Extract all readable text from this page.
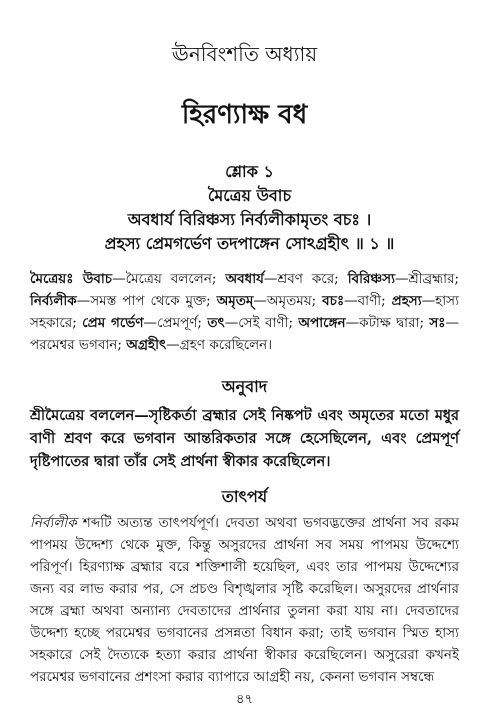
ঊনবিংশতি অধ্যায়
হিরণ্যাক্ষ বধ
শ্লোক ১
মৈত্রেয় উবাচ
অবধার্য বিরিঞ্চস্য নির্ব্যলীকামৃতং বচঃ ।
প্রহস্য প্রেমগর্ভেণ তদপাঙ্গেন সোঽগ্রহীৎ ॥ ১ ॥
মৈত্রেয়ঃ উবাচ—মৈত্রেয় বললেন; অবধার্য—শ্রবণ করে; বিরিঞ্চস্য—শ্রীব্রহ্মার; নির্ব্যলীক—সমস্ত পাপ থেকে মুক্ত; অমৃতম্—অমৃতময়; বচঃ—বাণী; প্রহস্য—হাস্য সহকারে; প্রেম গর্ভেণ—প্রেমপূর্ণ; তৎ—সেই বাণী; অপাঙ্গেন—কটাক্ষ দ্বারা; সঃ—পরমেশ্বর ভগবান; অগ্রহীৎ—গ্রহণ করেছিলেন।
অনুবাদ
শ্রীমৈত্রেয় বললেন—সৃষ্টিকর্তা ব্রহ্মার সেই নিষ্কপট এবং অমৃতের মতো মধুর বাণী শ্রবণ করে ভগবান আন্তরিকতার সঙ্গে হেসেছিলেন, এবং প্রেমপূর্ণ দৃষ্টিপাতের দ্বারা তাঁর সেই প্রার্থনা স্বীকার করেছিলেন।
তাৎপর্য
নির্ব্যলীক শব্দটি অত্যন্ত তাৎপর্যপূর্ণ। দেবতা অথবা ভগবদ্ভক্তের প্রার্থনা সব রকম পাপময় উদ্দেশ্য থেকে মুক্ত, কিন্তু অসুরদের প্রার্থনা সব সময় পাপময় উদ্দেশ্যে পরিপূর্ণ। হিরণ্যাক্ষ ব্রহ্মার বরে শক্তিশালী হয়েছিল, এবং তার পাপময় উদ্দেশ্যের জন্য বর লাভ করার পর, সে প্রচণ্ড বিশৃঙ্খলার সৃষ্টি করেছিল। অসুরদের প্রার্থনার সঙ্গে ব্রহ্মা অথবা অন্যান্য দেবতাদের প্রার্থনার তুলনা করা যায় না। দেবতাদের উদ্দেশ্য হচ্ছে পরমেশ্বর ভগবানের প্রসন্নতা বিধান করা; তাই ভগবান স্মিত হাস্য সহকারে সেই দৈত্যকে হত্যা করার প্রার্থনা স্বীকার করেছিলেন। অসুরেরা কখনই পরমেশ্বর ভগবানের প্রশংসা করার ব্যাপারে আগ্রহী নয়, কেননা ভগবান সম্বন্ধে
৪৭
